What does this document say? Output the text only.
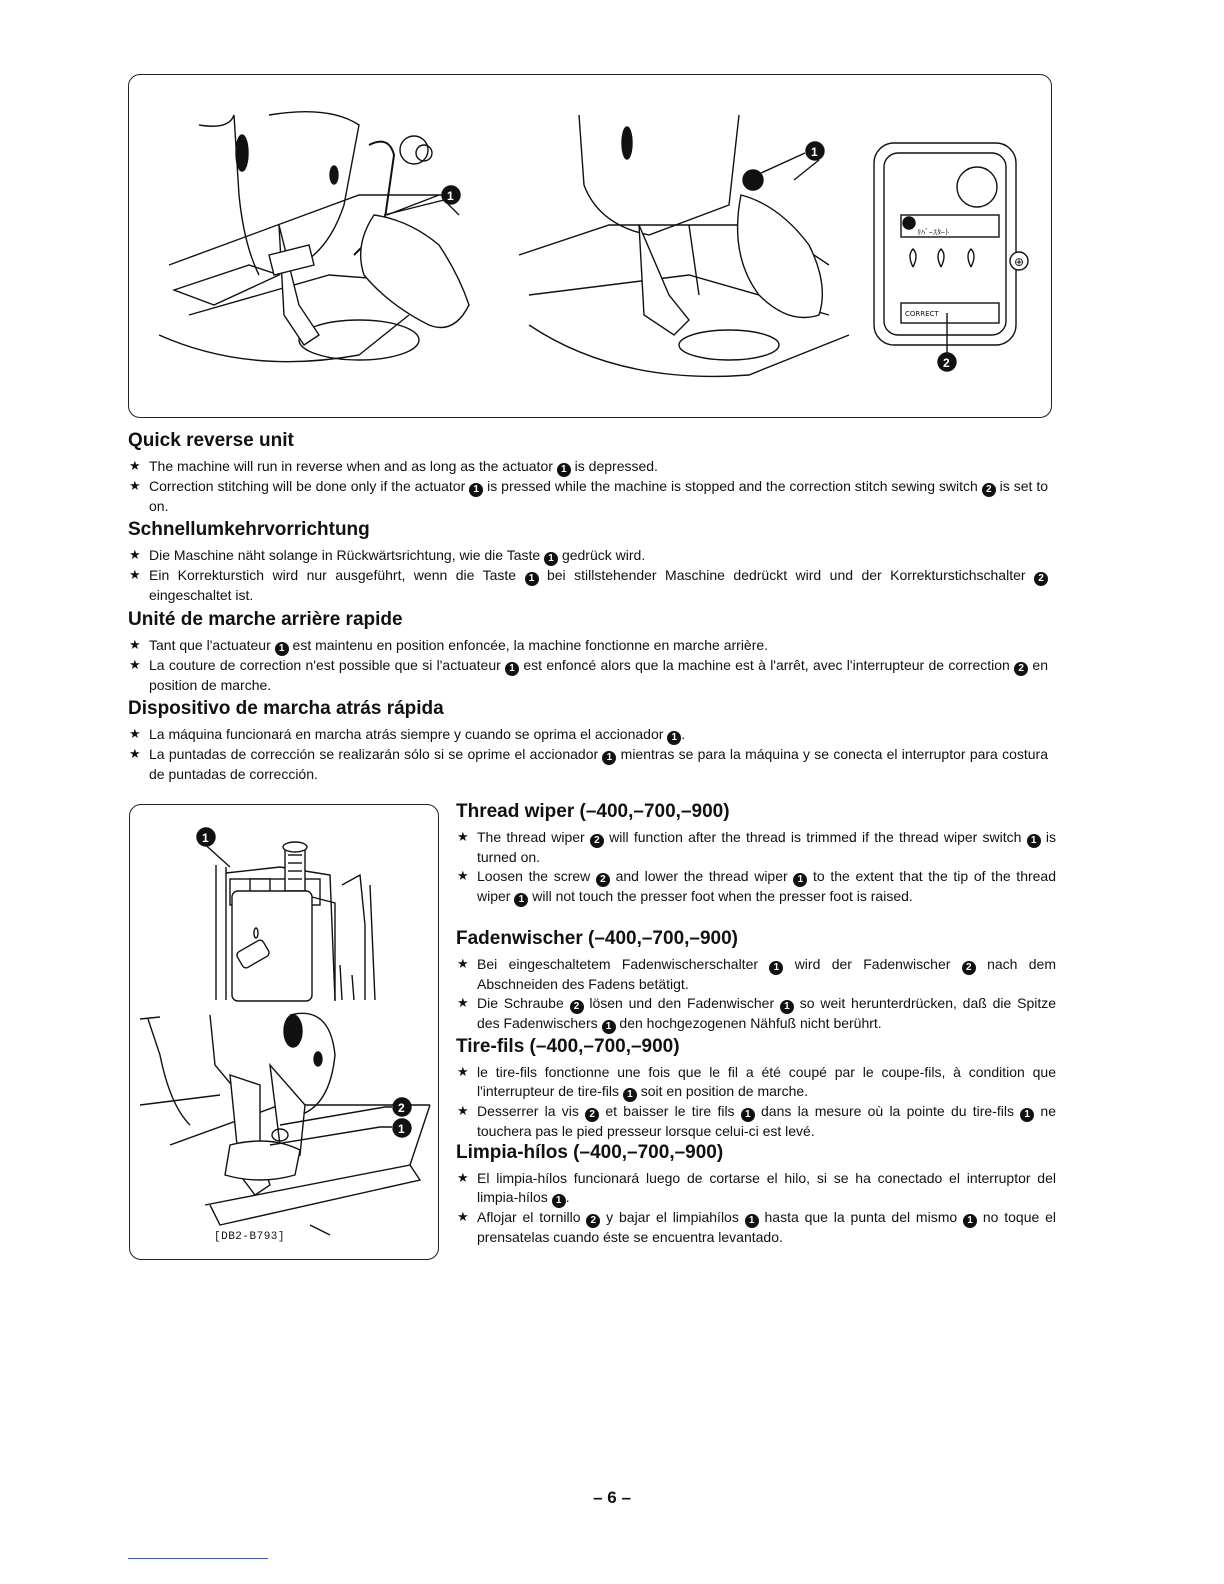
ﾘﾊﾞｰｽﾀｰﾄ
CORRECT
⊕
1
1
2
Quick reverse unit

★ The machine will run in reverse when and as long as the actuator 1 is depressed.

★ Correction stitching will be done only if the actuator 1 is pressed while the machine is stopped and the correction stitch sewing switch 2 is set to on.

Schnellumkehrvorrichtung

★ Die Maschine näht solange in Rückwärtsrichtung, wie die Taste 1 gedrück wird.

★ Ein Korrekturstich wird nur ausgeführt, wenn die Taste 1 bei stillstehender Maschine dedrückt wird und der Korrekturstichschalter 2 eingeschaltet ist.

Unité de marche arrière rapide

★ Tant que l'actuateur 1 est maintenu en position enfoncée, la machine fonctionne en marche arrière.

★ La couture de correction n'est possible que si l'actuateur 1 est enfoncé alors que la machine est à l'arrêt, avec l'interrupteur de correction 2 en position de marche.

Dispositivo de marcha atrás rápida

★ La máquina funcionará en marcha atrás siempre y cuando se oprima el accionador 1 .

★ La puntadas de corrección se realizarán sólo si se oprime el accionador 1 mientras se para la máquina y se conecta el interruptor para costura de puntadas de corrección.

1
2
1
[DB2-B793]
Thread wiper (–400,–700,–900)

★ The thread wiper 2 will function after the thread is trimmed if the thread wiper switch 1 is turned on.

★ Loosen the screw 2 and lower the thread wiper 1 to the extent that the tip of the thread wiper 1 will not touch the presser foot when the presser foot is raised.

Fadenwischer (–400,–700,–900)

★ Bei eingeschaltetem Fadenwischerschalter 1 wird der Fadenwischer 2 nach dem Abschneiden des Fadens betätigt.

★ Die Schraube 2 lösen und den Fadenwischer 1 so weit herunterdrücken, daß die Spitze des Fadenwischers 1 den hochgezogenen Nähfuß nicht berührt.

Tire-fils (–400,–700,–900)

★ le tire-fils fonctionne une fois que le fil a été coupé par le coupe-fils, à condition que l'interrupteur de tire-fils 1 soit en position de marche.

★ Desserrer la vis 2 et baisser le tire fils 1 dans la mesure où la pointe du tire-fils 1 ne touchera pas le pied presseur lorsque celui-ci est levé.

Limpia-hílos (–400,–700,–900)

★ El limpia-hílos funcionará luego de cortarse el hilo, si se ha conectado el interruptor del limpia-hílos 1 .

★ Aflojar el tornillo 2 y bajar el limpiahílos 1 hasta que la punta del mismo 1 no toque el prensatelas cuando éste se encuentra levantado.

– 6 –
